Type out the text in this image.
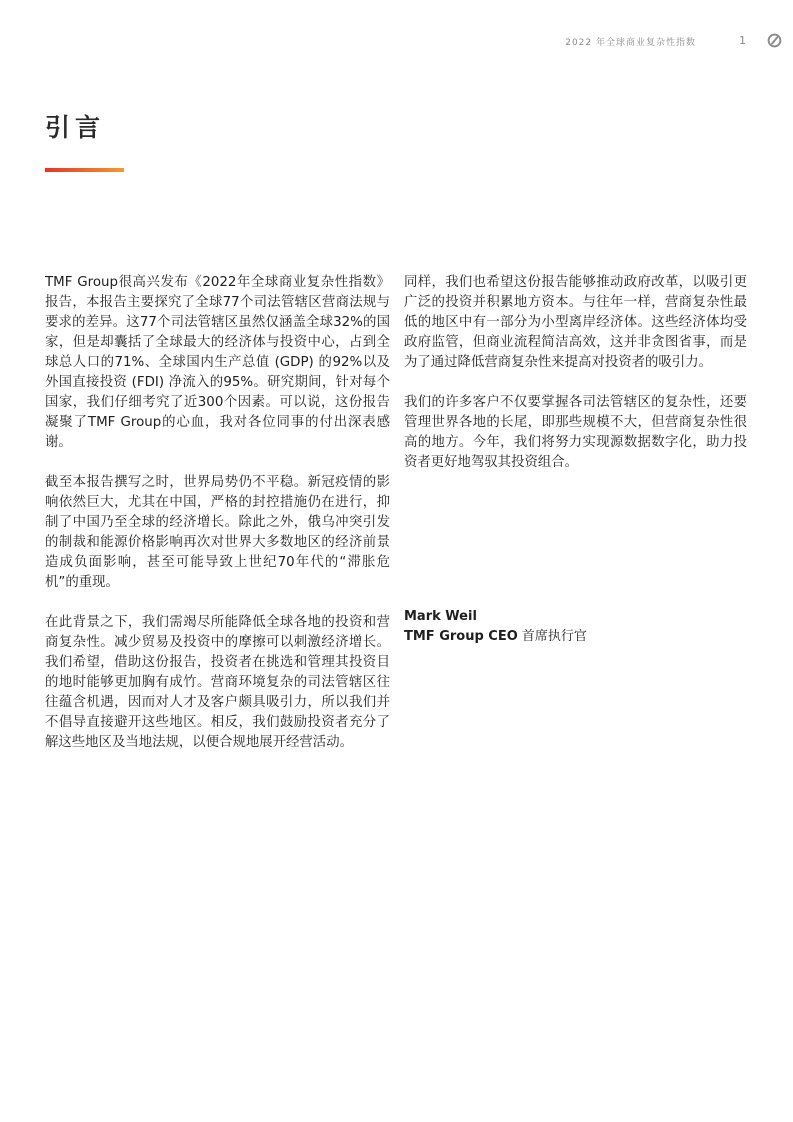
2022 年全球商业复杂性指数	1
引言

TMF Group很高兴发布《2022年全球商业复杂性指数》报告，本报告主要探究了全球77个司法管辖区营商法规与要求的差异。这77个司法管辖区虽然仅涵盖全球32%的国家，但是却囊括了全球最大的经济体与投资中心，占到全球总人口的71%、全球国内生产总值 (GDP) 的92%以及外国直接投资 (FDI) 净流入的95%。研究期间，针对每个国家，我们仔细考究了近300个因素。可以说，这份报告凝聚了TMF Group的心血，我对各位同事的付出深表感谢。

截至本报告撰写之时，世界局势仍不平稳。新冠疫情的影响依然巨大，尤其在中国，严格的封控措施仍在进行，抑制了中国乃至全球的经济增长。除此之外，俄乌冲突引发的制裁和能源价格影响再次对世界大多数地区的经济前景造成负面影响，甚至可能导致上世纪70年代的“滞胀危机”的重现。

在此背景之下，我们需竭尽所能降低全球各地的投资和营商复杂性。减少贸易及投资中的摩擦可以刺激经济增长。我们希望，借助这份报告，投资者在挑选和管理其投资目的地时能够更加胸有成竹。营商环境复杂的司法管辖区往往蕴含机遇，因而对人才及客户颇具吸引力，所以我们并不倡导直接避开这些地区。相反，我们鼓励投资者充分了解这些地区及当地法规，以便合规地展开经营活动。

同样，我们也希望这份报告能够推动政府改革，以吸引更广泛的投资并积累地方资本。与往年一样，营商复杂性最低的地区中有一部分为小型离岸经济体。这些经济体均受政府监管，但商业流程简洁高效，这并非贪图省事，而是为了通过降低营商复杂性来提高对投资者的吸引力。

我们的许多客户不仅要掌握各司法管辖区的复杂性，还要管理世界各地的长尾，即那些规模不大，但营商复杂性很高的地方。今年，我们将努力实现源数据数字化，助力投资者更好地驾驭其投资组合。

Mark Weil
TMF Group CEO 首席执行官
